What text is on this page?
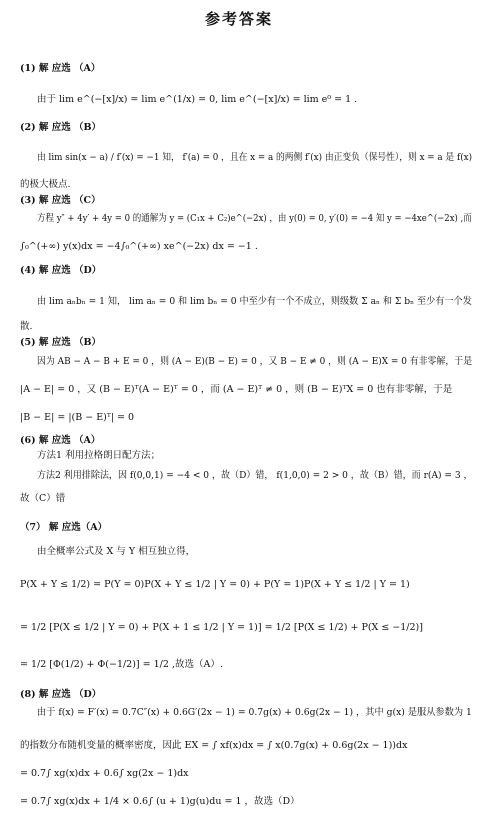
参考答案
(1) 解 应选 （A）
由于 lim e^(−[x]/x) = lim e^(1/x) = 0, lim e^(−[x]/x) = lim e⁰ = 1 .
(2) 解 应选 （B）
由 lim sin(x − a) / f′(x) = −1 知， f′(a) = 0 ，且在 x = a 的两侧 f′(x) 由正变负（保号性），则 x = a 是 f(x)
的极大极点.
(3) 解 应选 （C）
方程 y″ + 4y′ + 4y = 0 的通解为 y = (C₁x + C₂)e^(−2x) ，由 y(0) = 0, y′(0) = −4 知 y = −4xe^(−2x) ,而
∫₀^(+∞) y(x)dx = −4∫₀^(+∞) xe^(−2x) dx = −1 .
(4) 解 应选 （D）
由 lim aₙbₙ = 1 知， lim aₙ = 0 和 lim bₙ = 0 中至少有一个不成立，则级数 Σ aₙ 和 Σ bₙ 至少有一个发
散.
(5) 解 应选 （B）
因为 AB − A − B + E = 0 ，则 (A − E)(B − E) = 0 ，又 B − E ≠ 0 ，则 (A − E)X = 0 有非零解，于是
|A − E| = 0 ，又 (B − E)ᵀ(A − E)ᵀ = 0 ，而 (A − E)ᵀ ≠ 0 ，则 (B − E)ᵀX = 0 也有非零解，于是
|B − E| = |(B − E)ᵀ| = 0
(6) 解 应选 （A）
方法1 利用拉格朗日配方法；
方法2 利用排除法，因 f(0,0,1) = −4 < 0 ，故（D）错， f(1,0,0) = 2 > 0 ，故（B）错，而 r(A) = 3 ，
故（C）错
（7） 解 应选（A）
由全概率公式及 X 与 Y 相互独立得，
P(X + Y ≤ 1/2) = P(Y = 0)P(X + Y ≤ 1/2 | Y = 0) + P(Y = 1)P(X + Y ≤ 1/2 | Y = 1)
= 1/2 [P(X ≤ 1/2 | Y = 0) + P(X + 1 ≤ 1/2 | Y = 1)] = 1/2 [P(X ≤ 1/2) + P(X ≤ −1/2)]
= 1/2 [Φ(1/2) + Φ(−1/2)] = 1/2 ,故选（A）.
(8) 解 应选 （D）
由于 f(x) = F′(x) = 0.7C″(x) + 0.6G′(2x − 1) = 0.7g(x) + 0.6g(2x − 1) ，其中 g(x) 是服从参数为 1
的指数分布随机变量的概率密度，因此 EX = ∫ xf(x)dx = ∫ x(0.7g(x) + 0.6g(2x − 1))dx
= 0.7∫ xg(x)dx + 0.6∫ xg(2x − 1)dx
= 0.7∫ xg(x)dx + 1/4 × 0.6∫ (u + 1)g(u)du = 1 ，故选（D）
